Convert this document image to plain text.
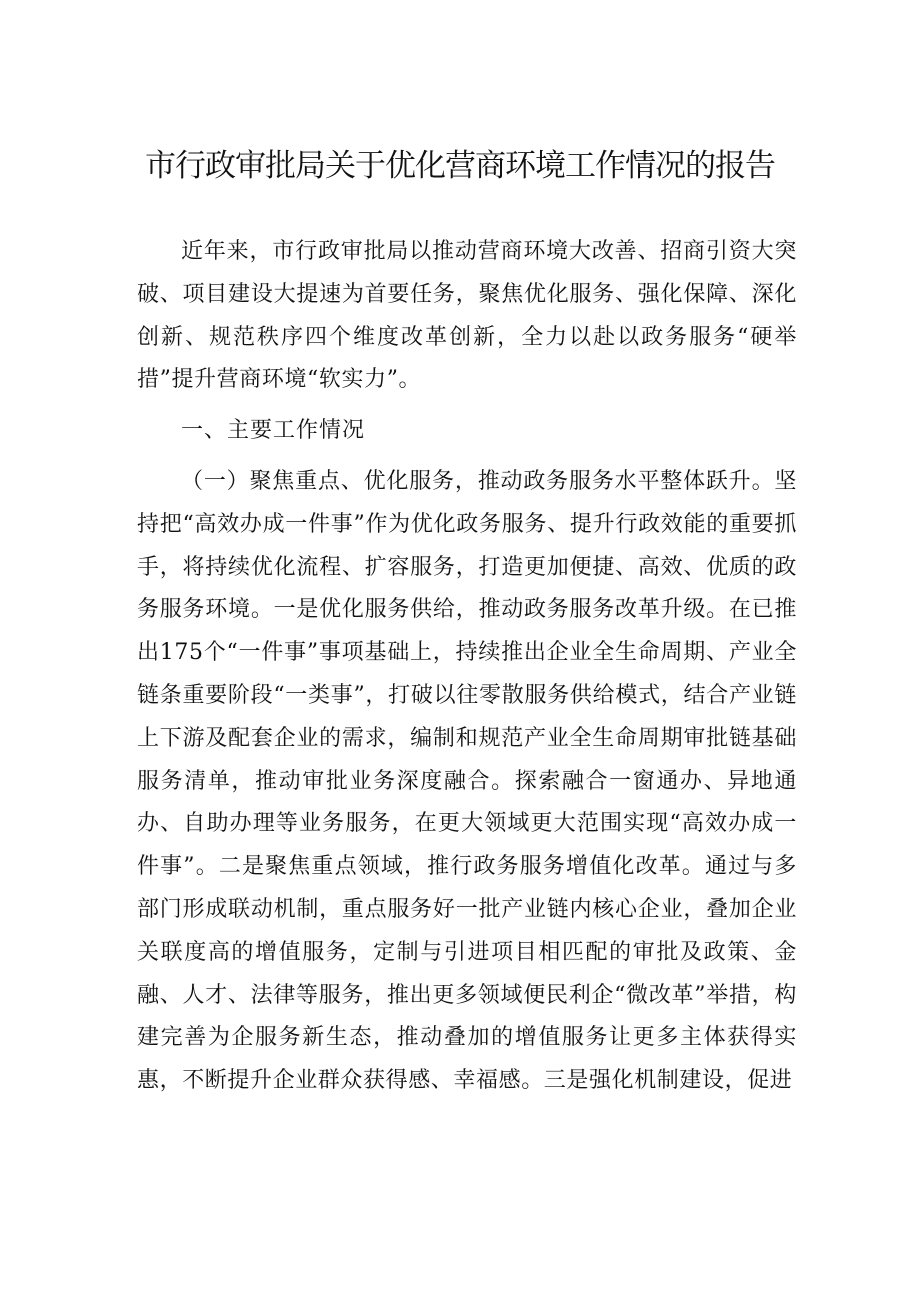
市行政审批局关于优化营商环境工作情况的报告

近年来，市行政审批局以推动营商环境大改善、招商引资大突破、项目建设大提速为首要任务，聚焦优化服务、强化保障、深化创新、规范秩序四个维度改革创新，全力以赴以政务服务“硬举措”提升营商环境“软实力”。

一、主要工作情况

（一）聚焦重点、优化服务，推动政务服务水平整体跃升。坚持把“高效办成一件事”作为优化政务服务、提升行政效能的重要抓手，将持续优化流程、扩容服务，打造更加便捷、高效、优质的政务服务环境。一是优化服务供给，推动政务服务改革升级。在已推出175个“一件事”事项基础上，持续推出企业全生命周期、产业全链条重要阶段“一类事”，打破以往零散服务供给模式，结合产业链上下游及配套企业的需求，编制和规范产业全生命周期审批链基础服务清单，推动审批业务深度融合。探索融合一窗通办、异地通办、自助办理等业务服务，在更大领域更大范围实现“高效办成一件事”。二是聚焦重点领域，推行政务服务增值化改革。通过与多部门形成联动机制，重点服务好一批产业链内核心企业，叠加企业关联度高的增值服务，定制与引进项目相匹配的审批及政策、金融、人才、法律等服务，推出更多领域便民利企“微改革”举措，构建完善为企服务新生态，推动叠加的增值服务让更多主体获得实惠，不断提升企业群众获得感、幸福感。三是强化机制建设，促进
